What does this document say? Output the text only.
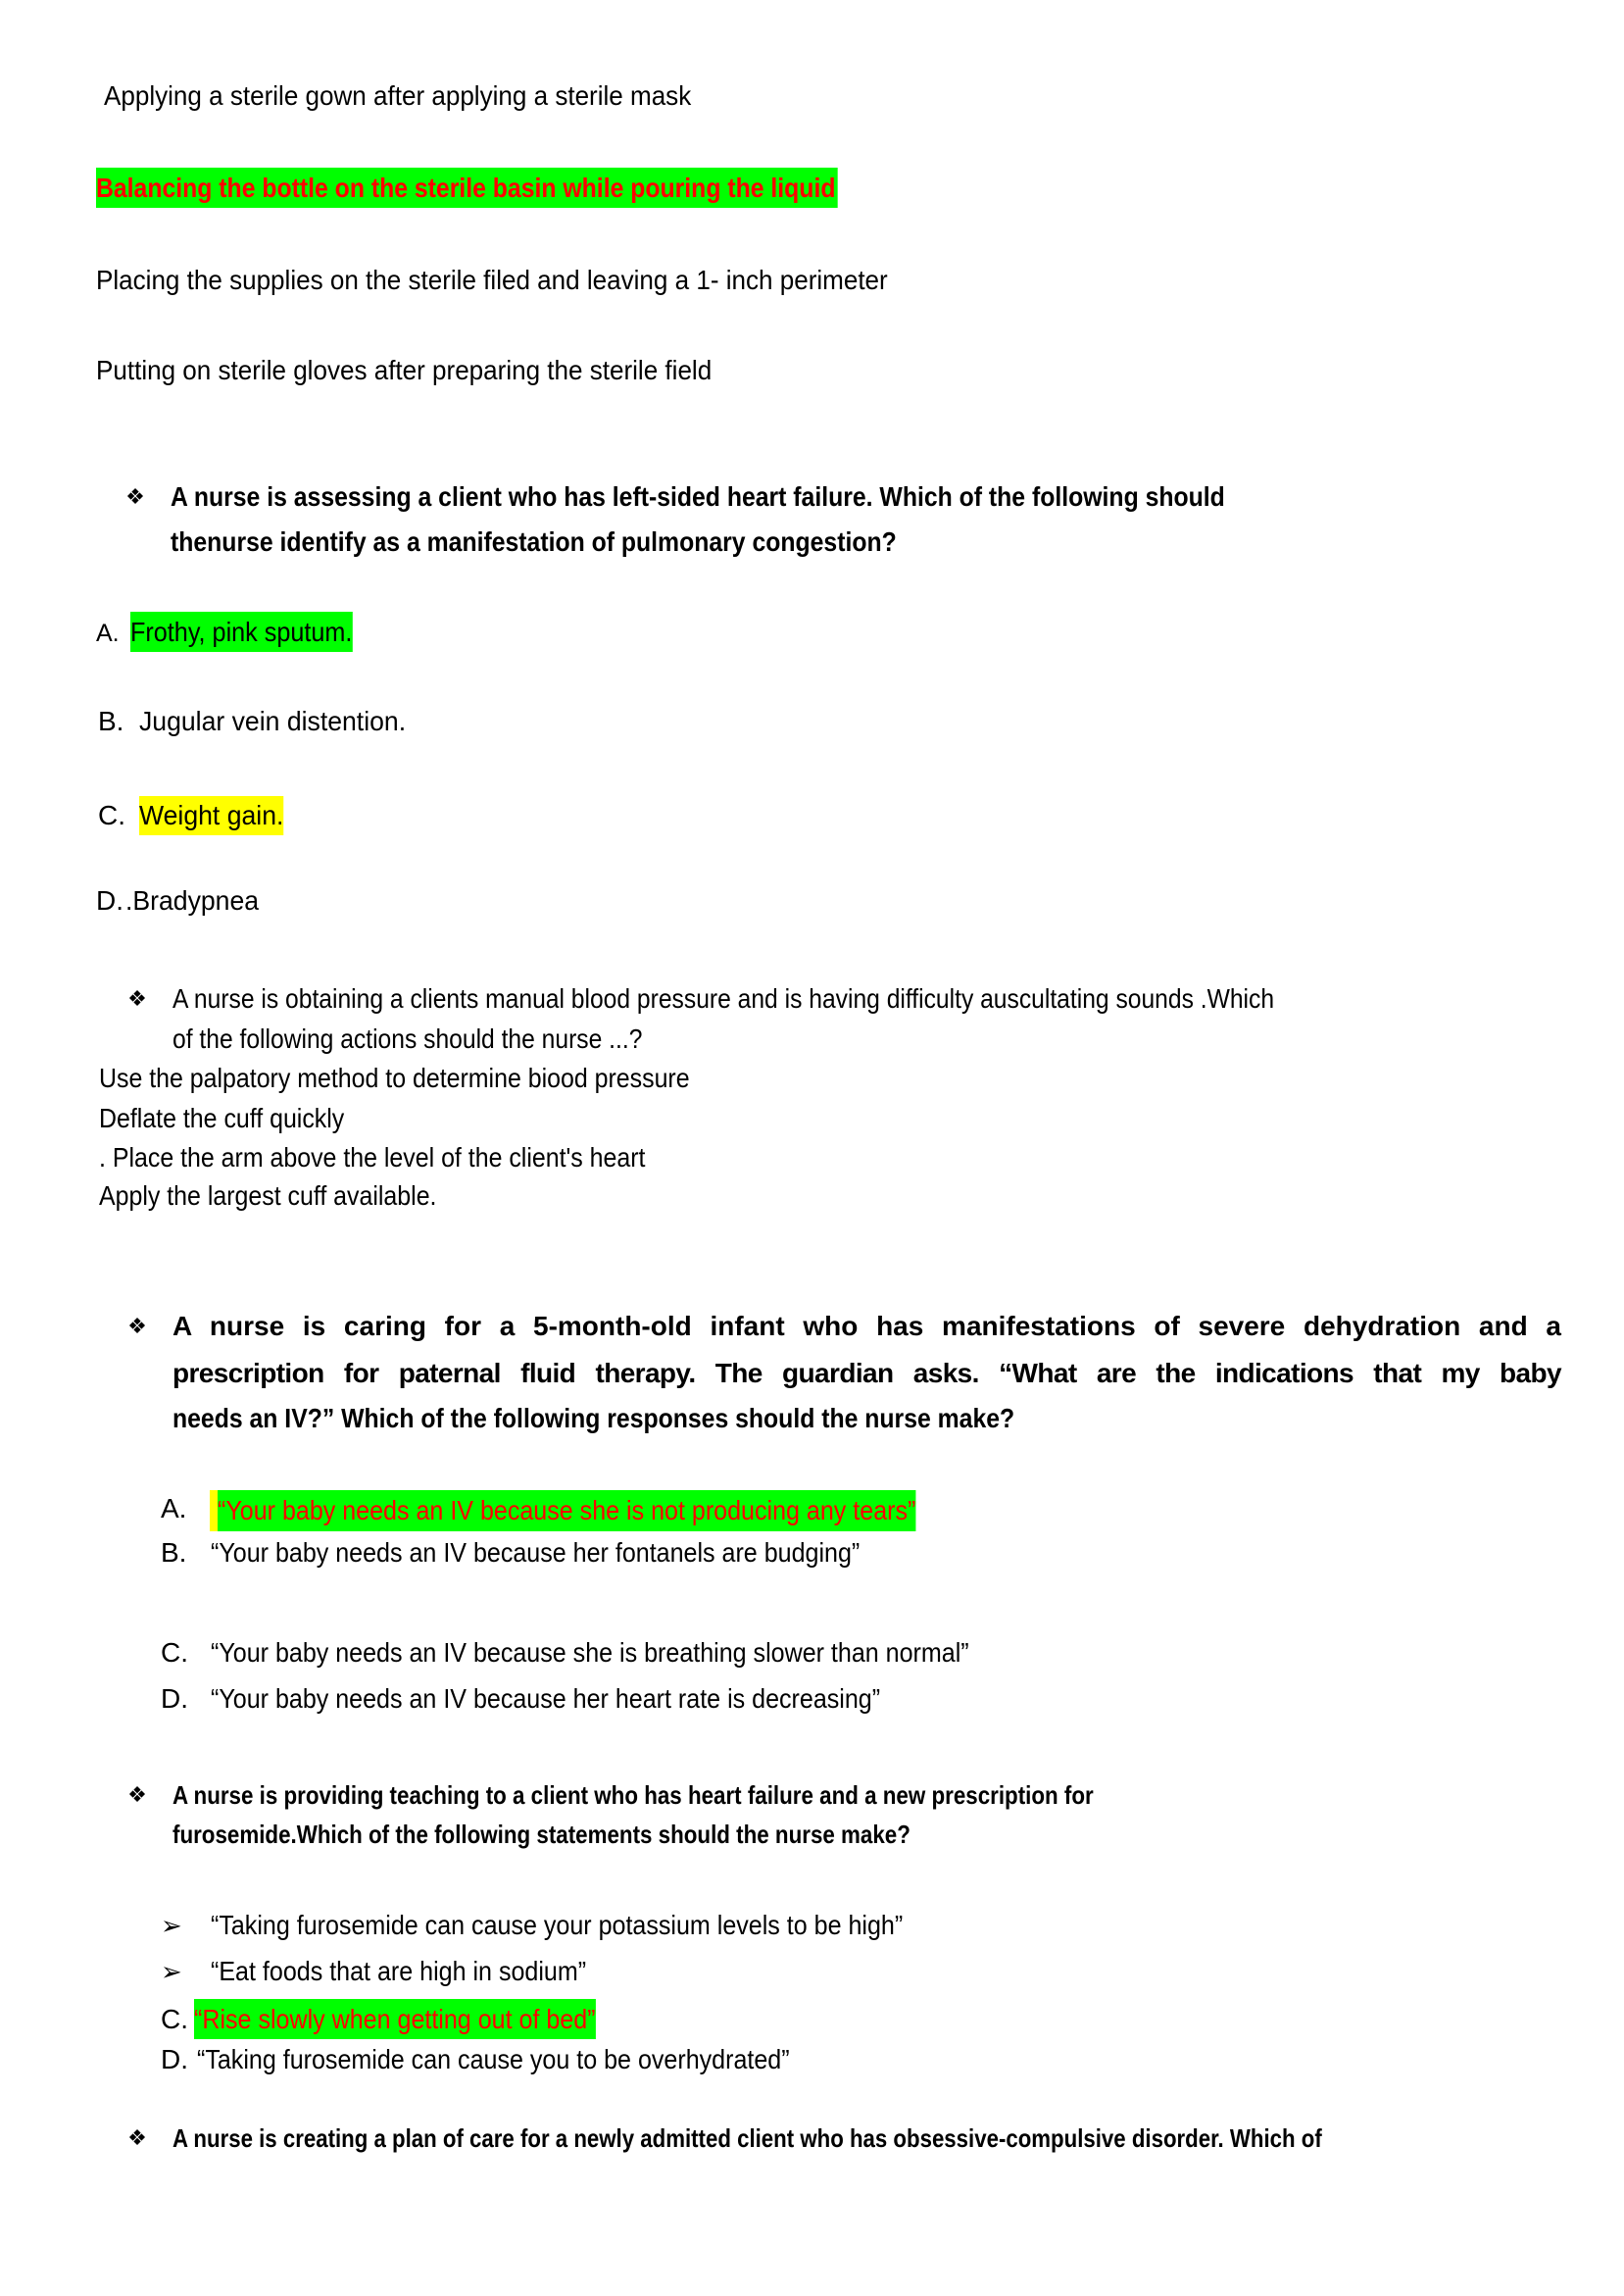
Applying a sterile gown after applying a sterile mask
Balancing the bottle on the sterile basin while pouring the liquid
Placing the supplies on the sterile filed and leaving a 1- inch perimeter
Putting on sterile gloves after preparing the sterile field
❖ A nurse is assessing a client who has left-sided heart failure. Which of the following should
thenurse identify as a manifestation of pulmonary congestion?
A. Frothy, pink sputum.
B. Jugular vein distention.
C. Weight gain.
D..Bradypnea
❖ A nurse is obtaining a clients manual blood pressure and is having difficulty auscultating sounds .Which
of the following actions should the nurse ...?
Use the palpatory method to determine biood pressure
Deflate the cuff quickly
. Place the arm above the level of the client's heart
Apply the largest cuff available.
❖ A nurse is caring for a 5-month-old infant who has manifestations of severe dehydration and a
prescription for paternal fluid therapy. The guardian asks. “What are the indications that my baby
needs an IV?” Which of the following responses should the nurse make?
A. “Your baby needs an IV because she is not producing any tears”
B. “Your baby needs an IV because her fontanels are budging”
C. “Your baby needs an IV because she is breathing slower than normal”
D. “Your baby needs an IV because her heart rate is decreasing”
❖ A nurse is providing teaching to a client who has heart failure and a new prescription for
furosemide.Which of the following statements should the nurse make?
➢ “Taking furosemide can cause your potassium levels to be high”
➢ “Eat foods that are high in sodium”
C. “Rise slowly when getting out of bed”
D. “Taking furosemide can cause you to be overhydrated”
❖ A nurse is creating a plan of care for a newly admitted client who has obsessive-compulsive disorder. Which of
